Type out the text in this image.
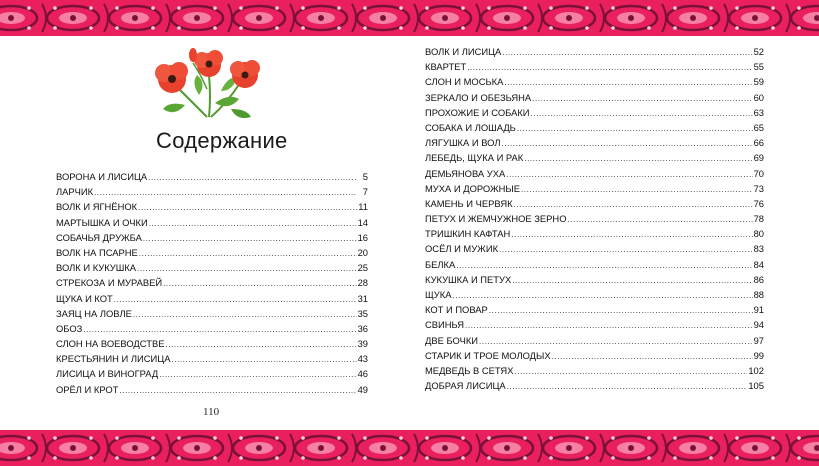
Содержание
ВОРОНА И ЛИСИЦА .....	5
ЛАРЧИК .....	7
ВОЛК И ЯГНЁНОК .....	11
МАРТЫШКА И ОЧКИ .....	14
СОБАЧЬЯ ДРУЖБА .....	16
ВОЛК НА ПСАРНЕ .....	20
ВОЛК И КУКУШКА .....	25
СТРЕКОЗА И МУРАВЕЙ .....	28
ЩУКА И КОТ .....	31
ЗАЯЦ НА ЛОВЛЕ .....	35
ОБОЗ .....	36
СЛОН НА ВОЕВОДСТВЕ .....	39
КРЕСТЬЯНИН И ЛИСИЦА .....	43
ЛИСИЦА И ВИНОГРАД .....	46
ОРЁЛ И КРОТ .....	49
ВОЛК И ЛИСИЦА .....	52
КВАРТЕТ .....	55
СЛОН И МОСЬКА .....	59
ЗЕРКАЛО И ОБЕЗЬЯНА .....	60
ПРОХОЖИЕ И СОБАКИ .....	63
СОБАКА И ЛОШАДЬ .....	65
ЛЯГУШКА И ВОЛ .....	66
ЛЕБЕДЬ, ЩУКА И РАК .....	69
ДЕМЬЯНОВА УХА .....	70
МУХА И ДОРОЖНЫЕ .....	73
КАМЕНЬ И ЧЕРВЯК .....	76
ПЕТУХ И ЖЕМЧУЖНОЕ ЗЕРНО .....	78
ТРИШКИН КАФТАН .....	80
ОСЁЛ И МУЖИК .....	83
БЕЛКА .....	84
КУКУШКА И ПЕТУХ .....	86
ЩУКА .....	88
КОТ И ПОВАР .....	91
СВИНЬЯ .....	94
ДВЕ БОЧКИ .....	97
СТАРИК И ТРОЕ МОЛОДЫХ .....	99
МЕДВЕДЬ В СЕТЯХ .....	102
ДОБРАЯ ЛИСИЦА .....	105
110
